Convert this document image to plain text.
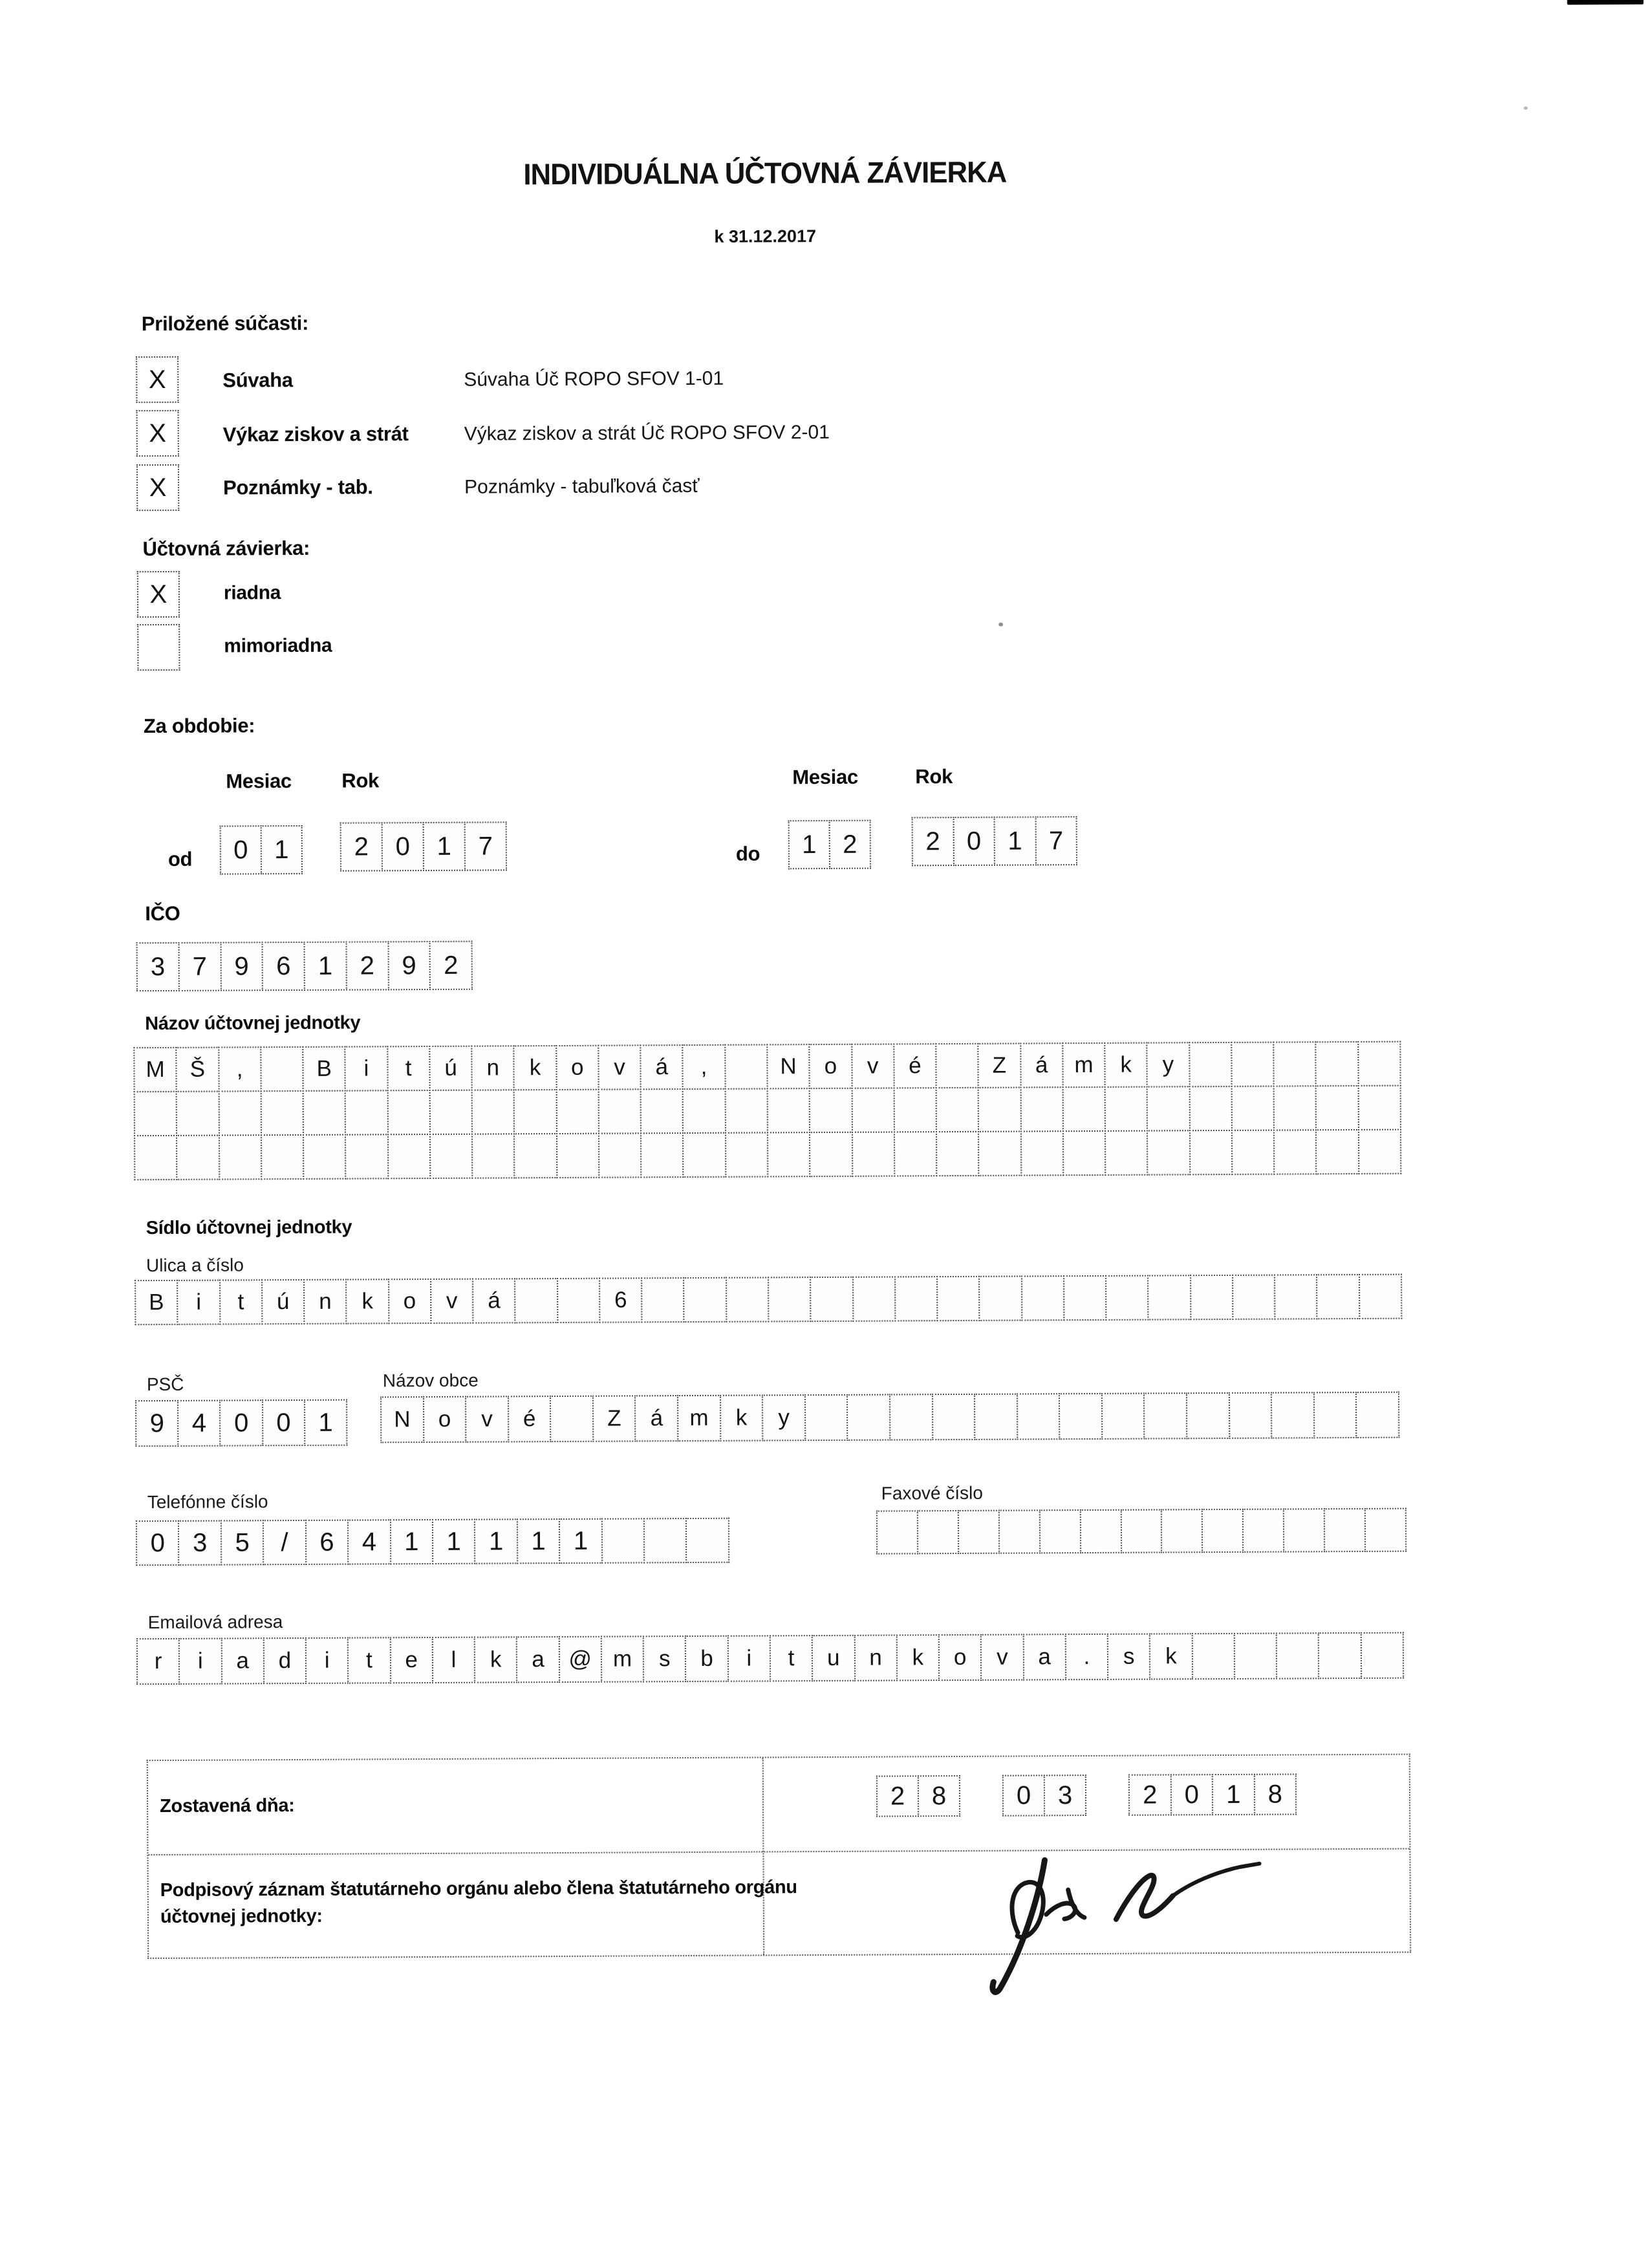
INDIVIDUÁLNA ÚČTOVNÁ ZÁVIERKA
k 31.12.2017
Priložené súčasti:
X	Súvaha	Súvaha Úč ROPO SFOV 1-01
X	Výkaz ziskov a strát	Výkaz ziskov a strát Úč ROPO SFOV 2-01
X	Poznámky - tab.	Poznámky - tabuľková časť
Účtovná závierka:
X	riadna
mimoriadna
Za obdobie:
Mesiac Rok
od	0	1	2	0	1	7
Mesiac	Rok
do	1	2	2	0	1	7
IČO
3	7	9	6	1	2	9	2
Názov účtovnej jednotky
M	Š	,	B	i	t	ú	n	k	o	v	á	,	N	o	v	é	Z	á	m	k	y
Sídlo účtovnej jednotky
Ulica a číslo
B	i	t	ú	n	k	o	v	á	6
PSČ
9	4	0	0	1
Názov obce
N	o	v	é	Z	á	m	k	y
Telefónne číslo
0	3	5	/	6	4	1	1	1	1	1
Faxové číslo
Emailová adresa
r	i	a	d	i	t	e	l	k	a	@ m	s	b	i	t	u	n	k	o	v	a	.	s	k
Zostavená dňa:	2	8	0	3	2	0	1	8
Podpisový záznam štatutárneho orgánu alebo člena štatutárneho orgánu účtovnej jednotky:
